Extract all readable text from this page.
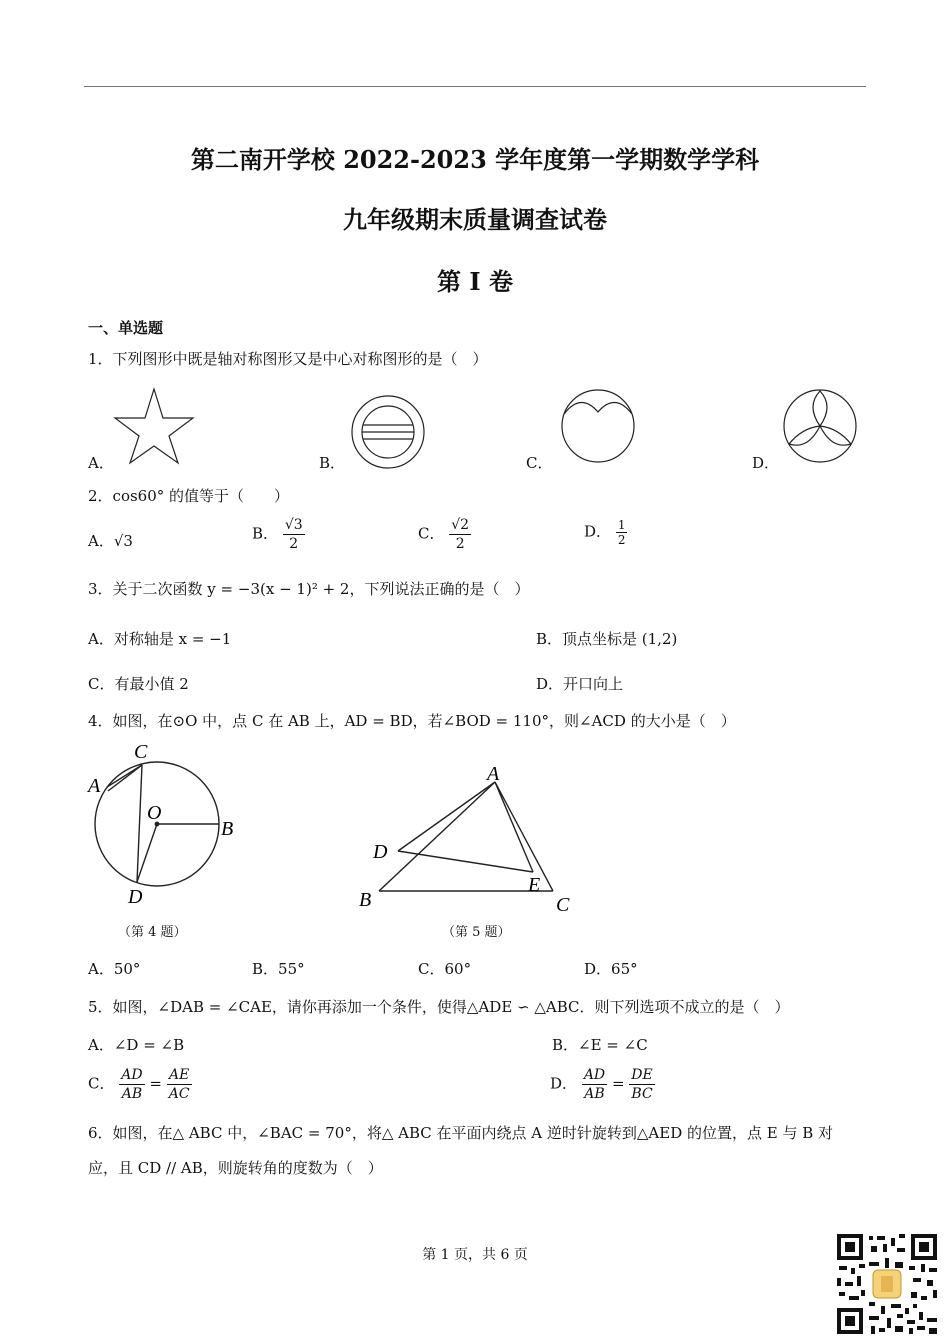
第二南开学校 2022-2023 学年度第一学期数学学科
九年级期末质量调查试卷
第 I 卷
一、单选题
1．下列图形中既是轴对称图形又是中心对称图形的是（　）
A．	B．	C．	D．
2．cos60° 的值等于（　　）
A．√3	B． $\frac{√3}{2}$	C． $\frac{√2}{2}$	D． $\frac{1}{2}$
3．关于二次函数 y = −3(x − 1)² + 2，下列说法正确的是（　）
A．对称轴是 x = −1	B．顶点坐标是 (1,2)
C．有最小值 2	D．开口向上
4．如图，在⊙O 中，点 C 在 AB 上，AD = BD，若∠BOD = 110°，则∠ACD 的大小是（　）
C
A
O
B
D
（第 4 题）
A
D
E
B	C
（第 5 题）
A．50°	B．55°	C．60°	D．65°
5．如图，∠DAB = ∠CAE，请你再添加一个条件，使得△ADE ∽ △ABC．则下列选项不成立的是（　）
A．∠D = ∠B	B．∠E = ∠C
C． $\frac{AD}{AB} = \frac{AE}{AC}$	D． $\frac{AD}{AB} = \frac{DE}{BC}$
6．如图，在△ ABC 中，∠BAC = 70°，将△ ABC 在平面内绕点 A 逆时针旋转到△AED 的位置，点 E 与 B 对
应，且 CD // AB，则旋转角的度数为（　）
第 1 页，共 6 页
